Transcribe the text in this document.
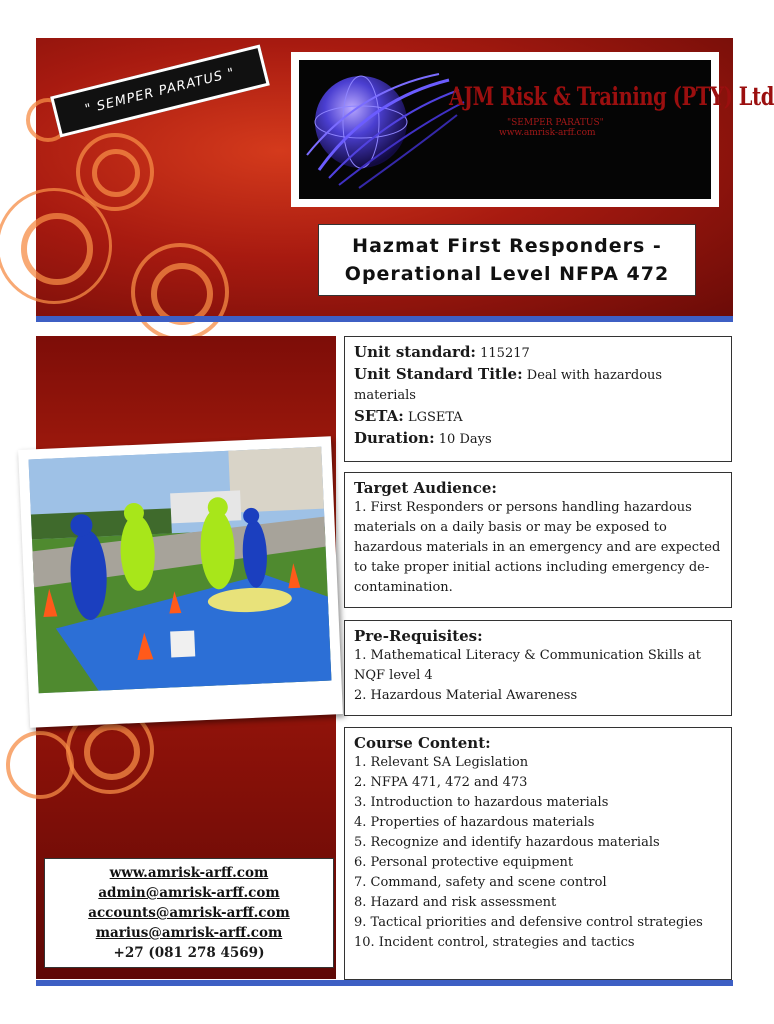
" SEMPER PARATUS "	AJM Risk & Training (PTY) Ltd
"SEMPER PARATUS"
www.amrisk-arff.com
Hazmat First Responders -
Operational Level NFPA 472
www.amrisk-arff.com
admin@amrisk-arff.com
accounts@amrisk-arff.com
marius@amrisk-arff.com
+27 (081 278 4569)
Unit standard: 115217
Unit Standard Title: Deal with hazardous materials
SETA: LGSETA
Duration: 10 Days
Target Audience:
1. First Responders or persons handling hazardous materials on a daily basis or may be exposed to hazardous materials in an emergency and are expected to take proper initial actions including emergency de-contamination.
Pre-Requisites:
1. Mathematical Literacy & Communication Skills at NQF level 4
2. Hazardous Material Awareness
Course Content:
1. Relevant SA Legislation
2. NFPA 471, 472 and 473
3. Introduction to hazardous materials
4. Properties of hazardous materials
5. Recognize and identify hazardous materials
6. Personal protective equipment
7. Command, safety and scene control
8. Hazard and risk assessment
9. Tactical priorities and defensive control strategies
10. Incident control, strategies and tactics
